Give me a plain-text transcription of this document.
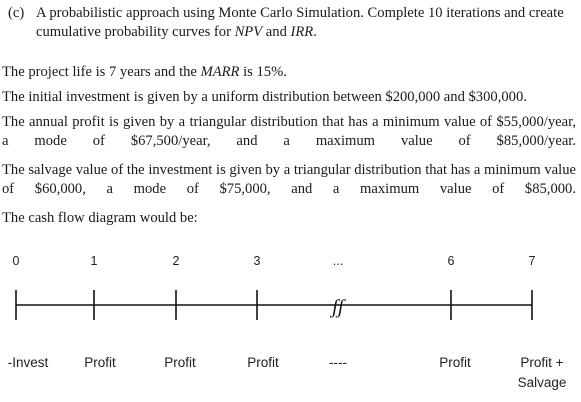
(c) A probabilistic approach using Monte Carlo Simulation. Complete 10 iterations and create cumulative probability curves for NPV and IRR.

The project life is 7 years and the MARR is 15%.

The initial investment is given by a uniform distribution between $200,000 and $300,000.

The annual profit is given by a triangular distribution that has a minimum value of $55,000/year, a mode of $67,500/year, and a maximum value of $85,000/year.

The salvage value of the investment is given by a triangular distribution that has a minimum value of $60,000, a mode of $75,000, and a maximum value of $85,000.

The cash flow diagram would be:

ʃʃ
0	1	2	3	...	6	7
-Invest	Profit	Profit	Profit	----	Profit	Profit +
Salvage
